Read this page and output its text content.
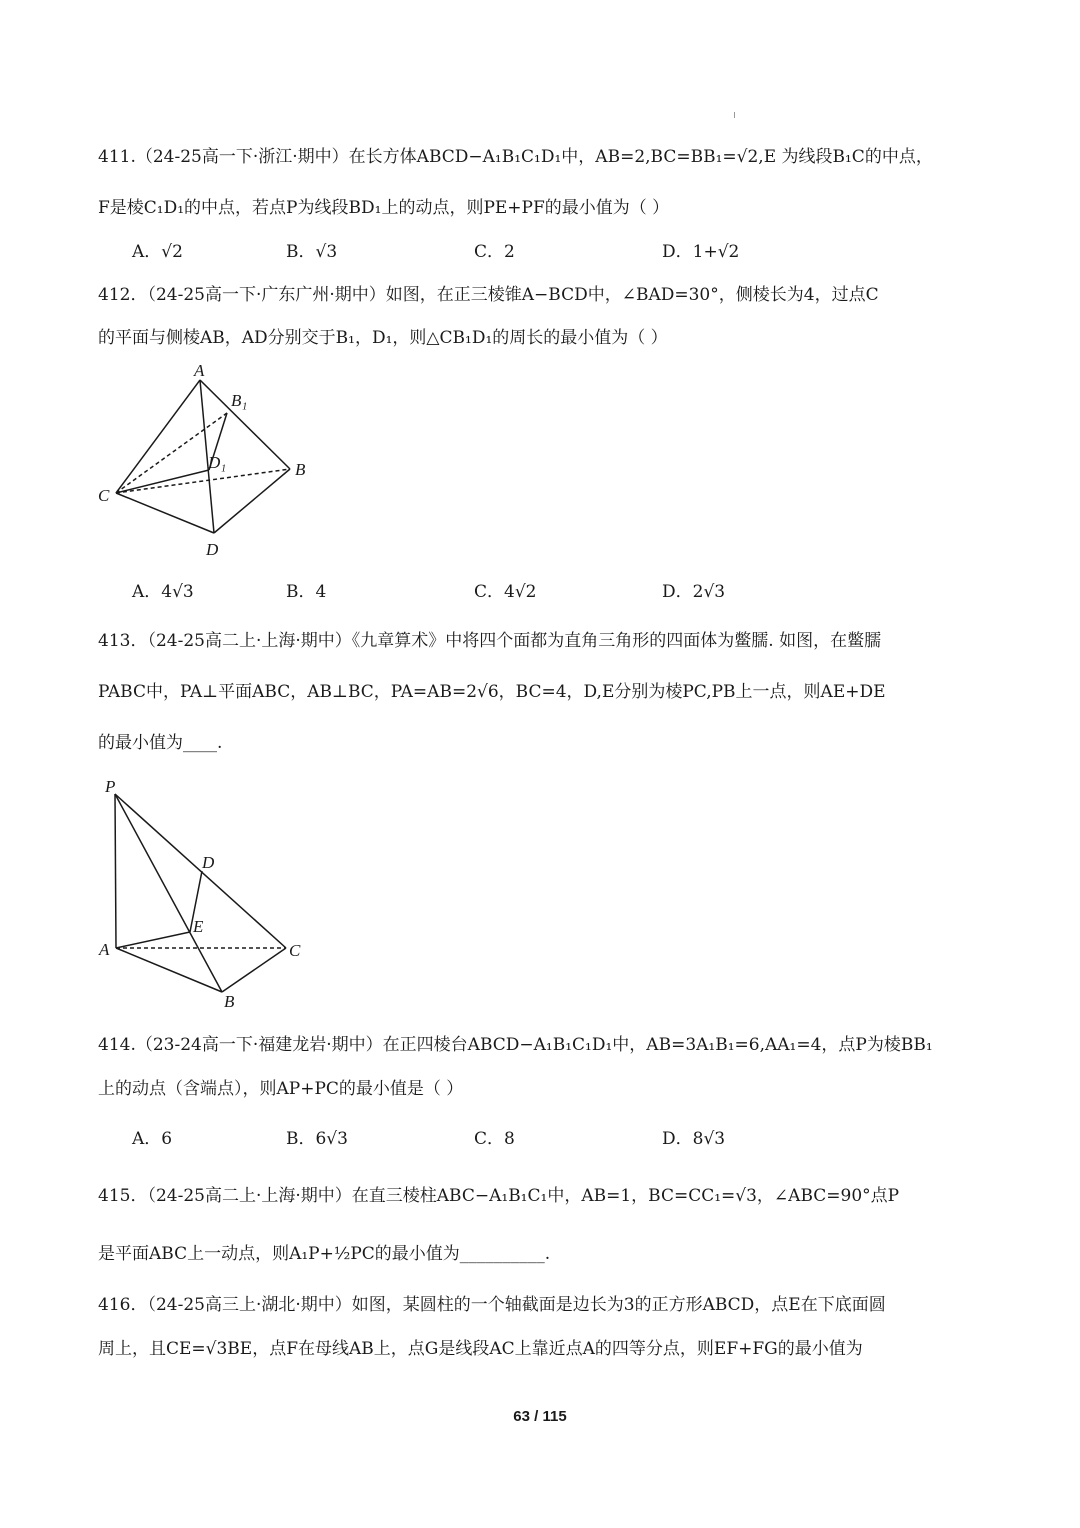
411.（24-25高一下·浙江·期中）在长方体ABCD−A₁B₁C₁D₁中，AB=2,BC=BB₁=√2,E 为线段B₁C的中点，
F是棱C₁D₁的中点，若点P为线段BD₁上的动点，则PE+PF的最小值为（ ）
A．√2	B．√3	C．2	D．1+√2
412．（24-25高一下·广东广州·期中）如图，在正三棱锥A−BCD中，∠BAD=30°，侧棱长为4，过点C
的平面与侧棱AB，AD分别交于B₁，D₁，则△CB₁D₁的周长的最小值为（ ）
A
B₁
D₁	B
C
D
A．4√3	B．4	C．4√2	D．2√3
413．（24-25高二上·上海·期中）《九章算术》中将四个面都为直角三角形的四面体为鳖臑. 如图，在鳖臑
PABC中，PA⊥平面ABC，AB⊥BC，PA=AB=2√6，BC=4，D,E分别为棱PC,PB上一点，则AE+DE
的最小值为____.
P
D
E
A	C
B
414.（23-24高一下·福建龙岩·期中）在正四棱台ABCD−A₁B₁C₁D₁中，AB=3A₁B₁=6,AA₁=4，点P为棱BB₁
上的动点（含端点），则AP+PC的最小值是（ ）
A．6	B．6√3	C．8	D．8√3
415．（24-25高二上·上海·期中）在直三棱柱ABC−A₁B₁C₁中，AB=1，BC=CC₁=√3，∠ABC=90°点P
是平面ABC上一动点，则A₁P+½PC的最小值为__________.
416．（24-25高三上·湖北·期中）如图，某圆柱的一个轴截面是边长为3的正方形ABCD，点E在下底面圆
周上，且CE=√3BE，点F在母线AB上，点G是线段AC上靠近点A的四等分点，则EF+FG的最小值为
63 / 115
